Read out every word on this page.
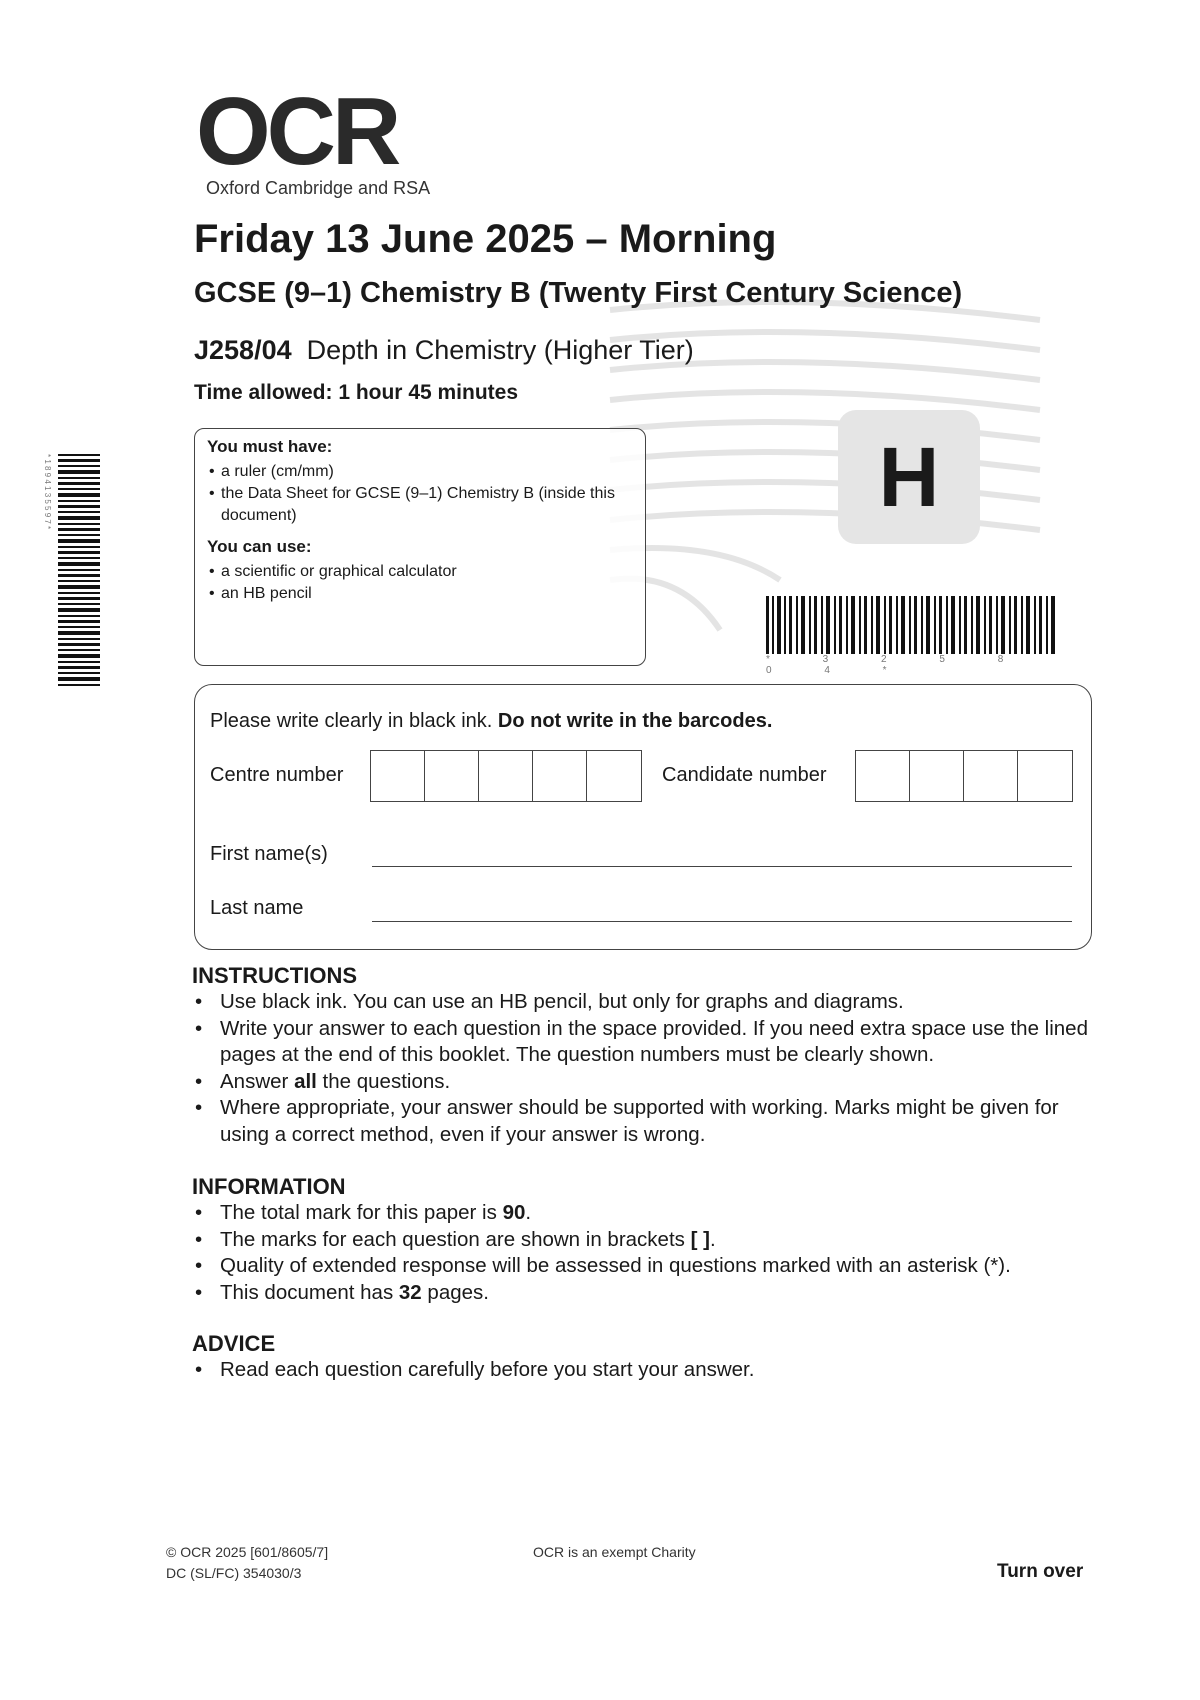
OCR
Oxford Cambridge and RSA
Friday 13 June 2025 – Morning
GCSE (9–1) Chemistry B (Twenty First Century Science)
J258/04 Depth in Chemistry (Higher Tier)
Time allowed: 1 hour 45 minutes
You must have:
• a ruler (cm/mm)
• the Data Sheet for GCSE (9–1) Chemistry B (inside this document)
You can use:
• a scientific or graphical calculator
• an HB pencil
H
* 3 2 5 8 0 4 *
* 1 8 9 4 1 3 5 5 9 7 *
Please write clearly in black ink. Do not write in the barcodes.
Centre number	Candidate number
First name(s)
Last name
INSTRUCTIONS
• Use black ink. You can use an HB pencil, but only for graphs and diagrams.
• Write your answer to each question in the space provided. If you need extra space use the lined pages at the end of this booklet. The question numbers must be clearly shown.
• Answer all the questions.
• Where appropriate, your answer should be supported with working. Marks might be given for using a correct method, even if your answer is wrong.
INFORMATION
• The total mark for this paper is 90.
• The marks for each question are shown in brackets [ ].
• Quality of extended response will be assessed in questions marked with an asterisk (*).
• This document has 32 pages.
ADVICE
• Read each question carefully before you start your answer.
© OCR 2025 [601/8605/7]
DC (SL/FC) 354030/3
OCR is an exempt Charity
Turn over
